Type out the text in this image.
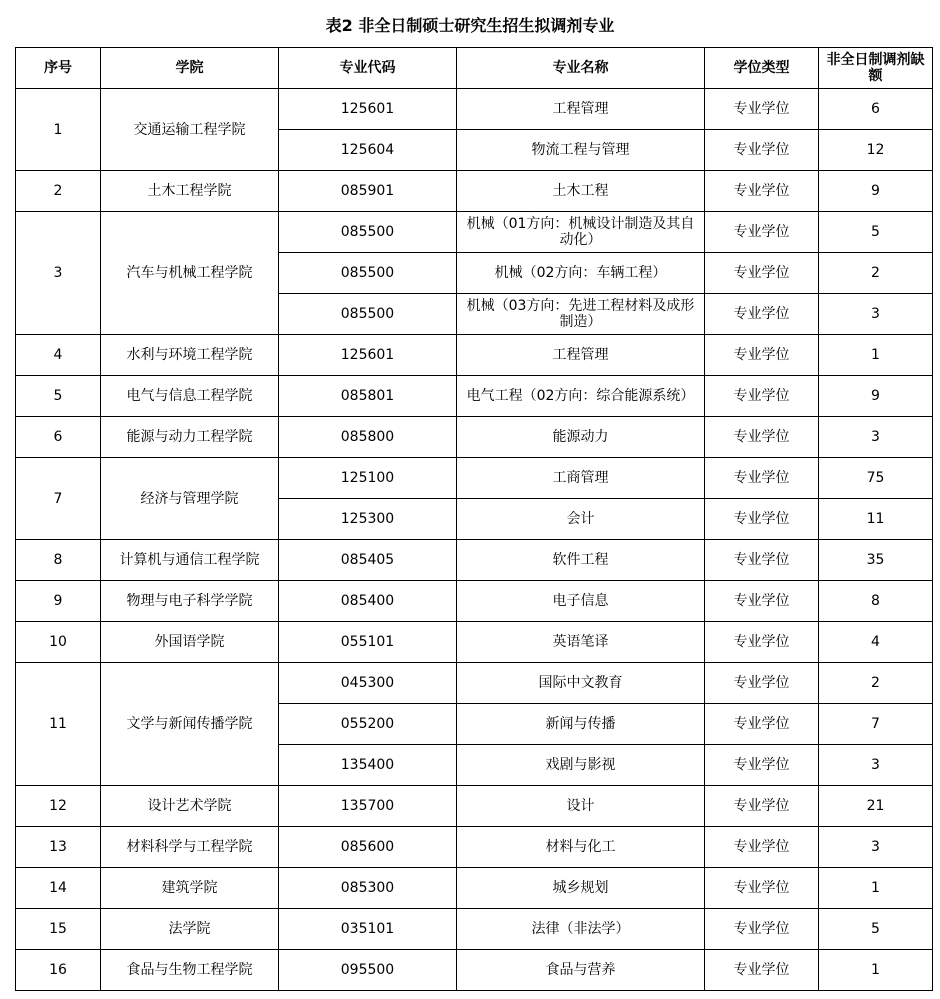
表2 非全日制硕士研究生招生拟调剂专业
序号	学院	专业代码	专业名称	学位类型	非全日制调剂缺额
1	交通运输工程学院	125601	工程管理	专业学位	6
		125604	物流工程与管理	专业学位	12
2	土木工程学院	085901	土木工程	专业学位	9
3	汽车与机械工程学院	085500	机械（01方向：机械设计制造及其自动化）	专业学位	5
		085500	机械（02方向：车辆工程）	专业学位	2
		085500	机械（03方向：先进工程材料及成形制造）	专业学位	3
4	水利与环境工程学院	125601	工程管理	专业学位	1
5	电气与信息工程学院	085801	电气工程（02方向：综合能源系统）	专业学位	9
6	能源与动力工程学院	085800	能源动力	专业学位	3
7	经济与管理学院	125100	工商管理	专业学位	75
		125300	会计	专业学位	11
8	计算机与通信工程学院	085405	软件工程	专业学位	35
9	物理与电子科学学院	085400	电子信息	专业学位	8
10	外国语学院	055101	英语笔译	专业学位	4
11	文学与新闻传播学院	045300	国际中文教育	专业学位	2
		055200	新闻与传播	专业学位	7
		135400	戏剧与影视	专业学位	3
12	设计艺术学院	135700	设计	专业学位	21
13	材料科学与工程学院	085600	材料与化工	专业学位	3
14	建筑学院	085300	城乡规划	专业学位	1
15	法学院	035101	法律（非法学）	专业学位	5
16	食品与生物工程学院	095500	食品与营养	专业学位	1
